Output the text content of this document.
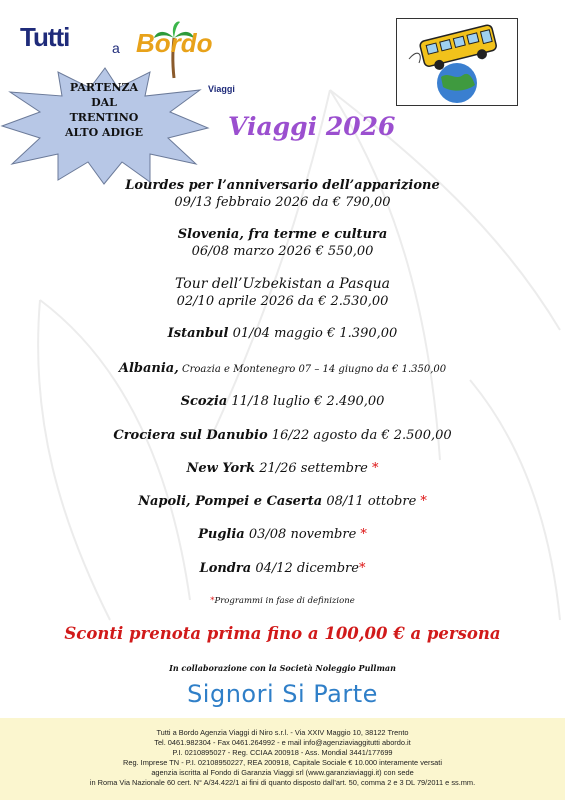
Tutti	a Bordo
Viaggi
PARTENZA
DAL
TRENTINO
ALTO ADIGE	Viaggi 2026
Lourdes per l’anniversario dell’apparizione
09/13 febbraio 2026 da € 790,00
Slovenia, fra terme e cultura
06/08 marzo 2026 € 550,00
Tour dell’Uzbekistan a Pasqua
02/10 aprile 2026 da € 2.530,00
Istanbul 01/04 maggio € 1.390,00
Albania, Croazia e Montenegro 07 – 14 giugno da € 1.350,00
Scozia 11/18 luglio € 2.490,00
Crociera sul Danubio 16/22 agosto da € 2.500,00
New York 21/26 settembre *
Napoli, Pompei e Caserta 08/11 ottobre *
Puglia 03/08 novembre *
Londra 04/12 dicembre*
*Programmi in fase di definizione
Sconti prenota prima fino a 100,00 € a persona
In collaborazione con la Società Noleggio Pullman
Signori Si Parte
Tutti a Bordo Agenzia Viaggi di Niro s.r.l. - Via XXIV Maggio 10, 38122 Trento
Tel. 0461.982304 - Fax 0461.264992 - e mail info@agenziaviaggitutti abordo.it
P.I. 0210895027 - Reg. CCIAA 200918 - Ass. Mondial 3441/177699
Reg. Imprese TN - P.I. 02108950227, REA 200918, Capitale Sociale € 10.000 interamente versati
agenzia iscritta al Fondo di Garanzia Viaggi srl (www.garanziaviaggi.it) con sede
in Roma Via Nazionale 60 cert. N° A/34.422/1 ai fini di quanto disposto dall’art. 50, comma 2 e 3 DL 79/2011 e ss.mm.
